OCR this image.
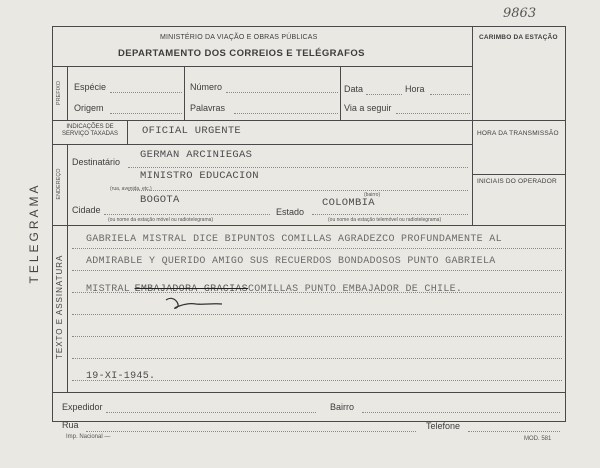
9863
MINISTÉRIO DA VIAÇÃO E OBRAS PÚBLICAS
DEPARTAMENTO DOS CORREIOS E TELÉGRAFOS
CARIMBO DA ESTAÇÃO
TELEGRAMA
PREFIXO
ENDEREÇO
TEXTO E ASSINATURA
Espécie	Número	Data	Hora
Origem	Palavras	Via a seguir
INDICAÇÕES DE SERVIÇO TAXADAS	OFICIAL URGENTE	HORA DA TRANSMISSÃO
Destinatário
GERMAN ARCINIEGAS
MINISTRO EDUCACION
(rua, avenida, etc.)
(bairro)
BOGOTA	COLOMBIA
Cidade	Estado
(ou nome da estação móvel ou radiotelegrama)	(ou nome da estação telemóvel ou radiotelegrama)
INICIAIS DO OPERADOR
GABRIELA MISTRAL DICE BIPUNTOS COMILLAS AGRADEZCO PROFUNDAMENTE AL
ADMIRABLE Y QUERIDO AMIGO SUS RECUERDOS BONDADOSOS PUNTO GABRIELA
MISTRAL EMBAJADORA GRACIASCOMILLAS PUNTO EMBAJADOR DE CHILE.
19-XI-1945.
Expedidor	Bairro
Rua	Telefone
Imp. Nacional —	MOD. 581
